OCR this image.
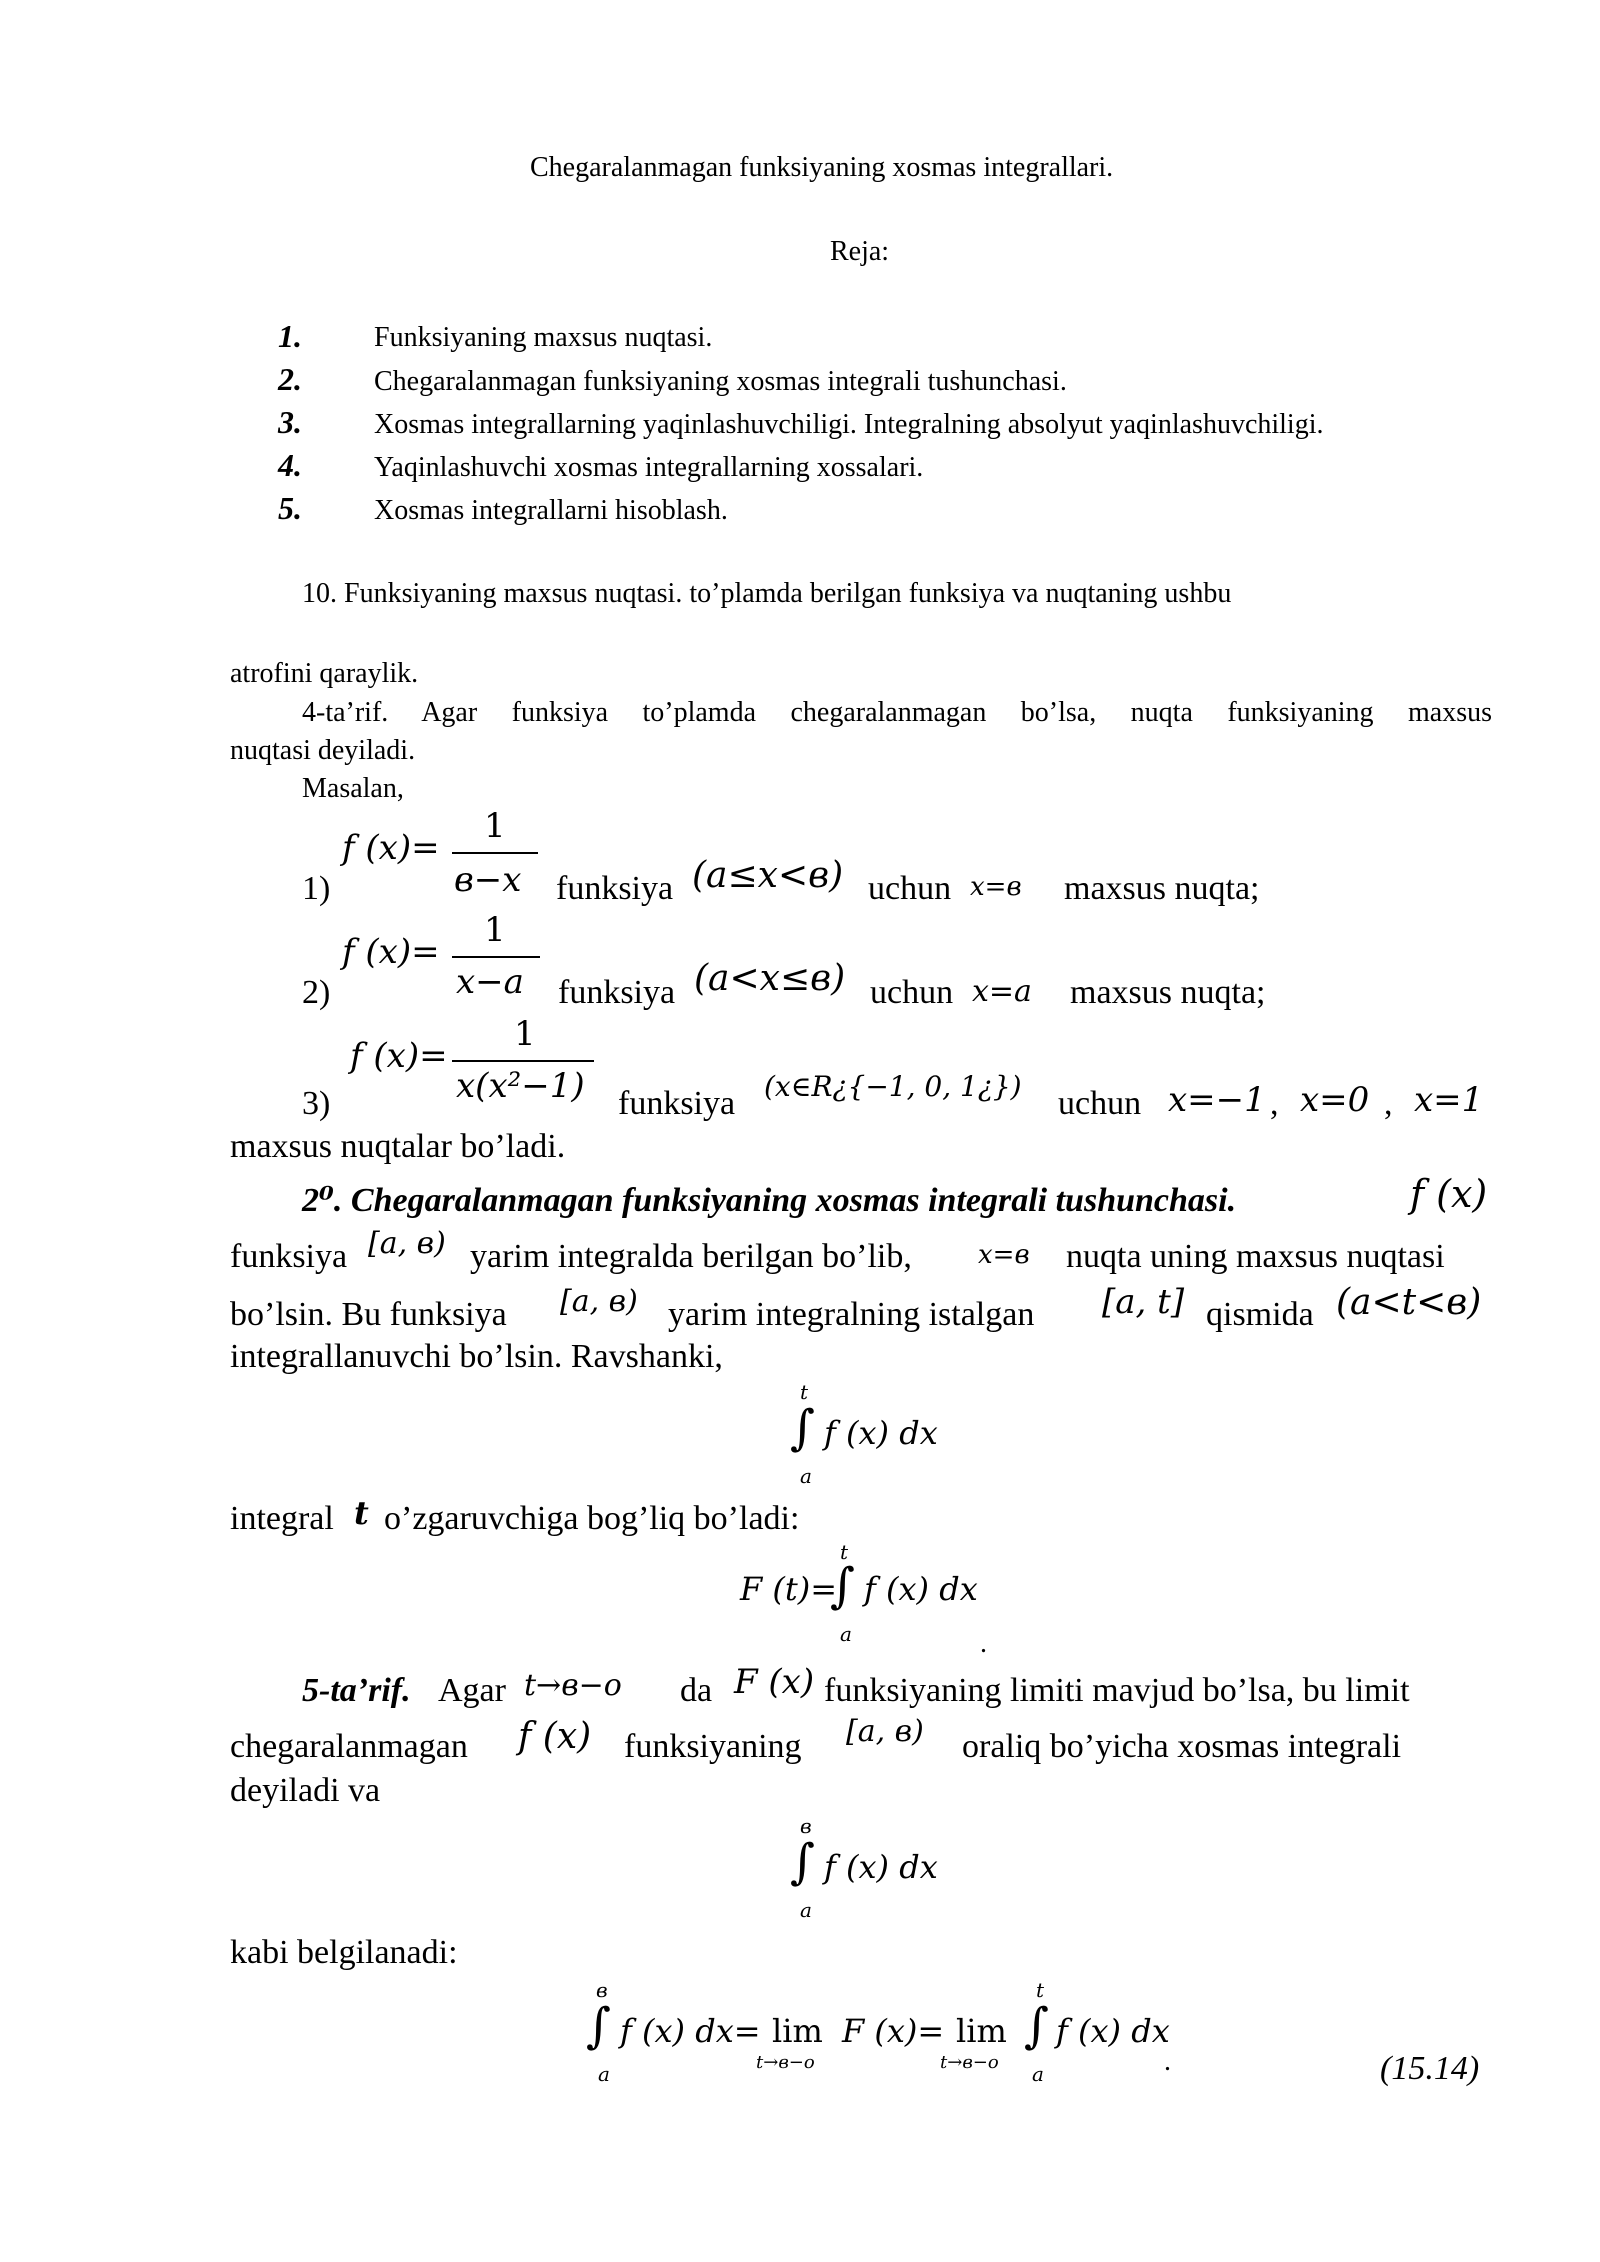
Chegaralanmagan funksiyaning xosmas integrallari.
Reja:
1.	Funksiyaning maxsus nuqtasi.
2.	Chegaralanmagan funksiyaning xosmas integrali tushunchasi.
3.	Xosmas integrallarning yaqinlashuvchiligi. Integralning absolyut yaqinlashuvchiligi.
4.	Yaqinlashuvchi xosmas integrallarning xossalari.
5.	Xosmas integrallarni hisoblash.
10. Funksiyaning maxsus nuqtasi. to’plamda berilgan funksiya va nuqtaning ushbu
atrofini qaraylik.
4-ta’rif. Agar funksiya to’plamda chegaralanmagan bo’lsa, nuqta funksiyaning maxsus
nuqtasi deyiladi.
Masalan,
1)
f (x)=
1
в−x funksiya (a≤x<в) uchun x=в maxsus nuqta;
2)
f (x)=
1
x−a funksiya (a<x≤в) uchun x=a maxsus nuqta;
3)
f (x)=
1
x(x²−1) funksiya (x∈R¿{−1, 0, 1¿}) uchun x=−1 , x=0 , x=1
maxsus nuqtalar bo’ladi.
2⁰. Chegaralanmagan funksiyaning xosmas integrali tushunchasi.	f (x)
funksiya [a, в) yarim integralda berilgan bo’lib,	x=в nuqta uning maxsus nuqtasi
bo’lsin. Bu funksiya [a, в) yarim integralning istalgan [a, t] qismida (a<t<в)
integrallanuvchi bo’lsin. Ravshanki,
t
∫
a
f (x) dx
integral t o’zgaruvchiga bog’liq bo’ladi:
F (t)=
t
∫
a
f (x) dx
.
5-ta’rif. Agar t→в−o da F (x) funksiyaning limiti mavjud bo’lsa, bu limit
chegaralanmagan f (x) funksiyaning [a, в) oraliq bo’yicha xosmas integrali
deyiladi va
в
∫
a
f (x) dx
kabi belgilanadi:
в
∫
a
f (x) dx= lim
t→в−o
F (x)= lim
t→в−o
t
∫
a
f (x) dx
.	(15.14)
